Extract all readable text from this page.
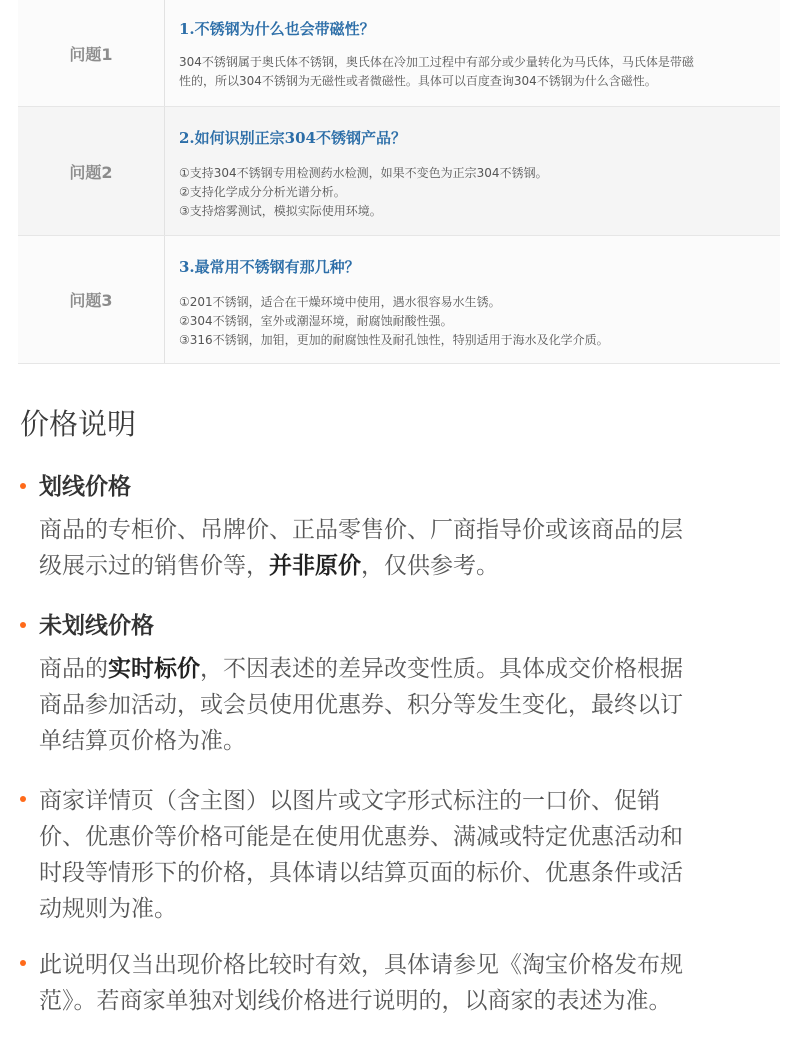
问题1
1.不锈钢为什么也会带磁性？
304不锈钢属于奥氏体不锈钢，奥氏体在冷加工过程中有部分或少量转化为马氏体，马氏体是带磁
性的，所以304不锈钢为无磁性或者微磁性。具体可以百度查询304不锈钢为什么含磁性。
问题2
2.如何识别正宗304不锈钢产品？
①支持304不锈钢专用检测药水检测，如果不变色为正宗304不锈钢。
②支持化学成分分析光谱分析。
③支持熔雾测试，模拟实际使用环境。
问题3
3.最常用不锈钢有那几种？
①201不锈钢，适合在干燥环境中使用，遇水很容易水生锈。
②304不锈钢，室外或潮湿环境，耐腐蚀耐酸性强。
③316不锈钢，加钼，更加的耐腐蚀性及耐孔蚀性，特别适用于海水及化学介质。
价格说明
划线价格
商品的专柜价、吊牌价、正品零售价、厂商指导价或该商品的层
级展示过的销售价等，并非原价，仅供参考。
未划线价格
商品的实时标价，不因表述的差异改变性质。具体成交价格根据
商品参加活动，或会员使用优惠券、积分等发生变化，最终以订
单结算页价格为准。
商家详情页（含主图）以图片或文字形式标注的一口价、促销
价、优惠价等价格可能是在使用优惠券、满减或特定优惠活动和
时段等情形下的价格，具体请以结算页面的标价、优惠条件或活
动规则为准。
此说明仅当出现价格比较时有效，具体请参见《淘宝价格发布规
范》。若商家单独对划线价格进行说明的，以商家的表述为准。
